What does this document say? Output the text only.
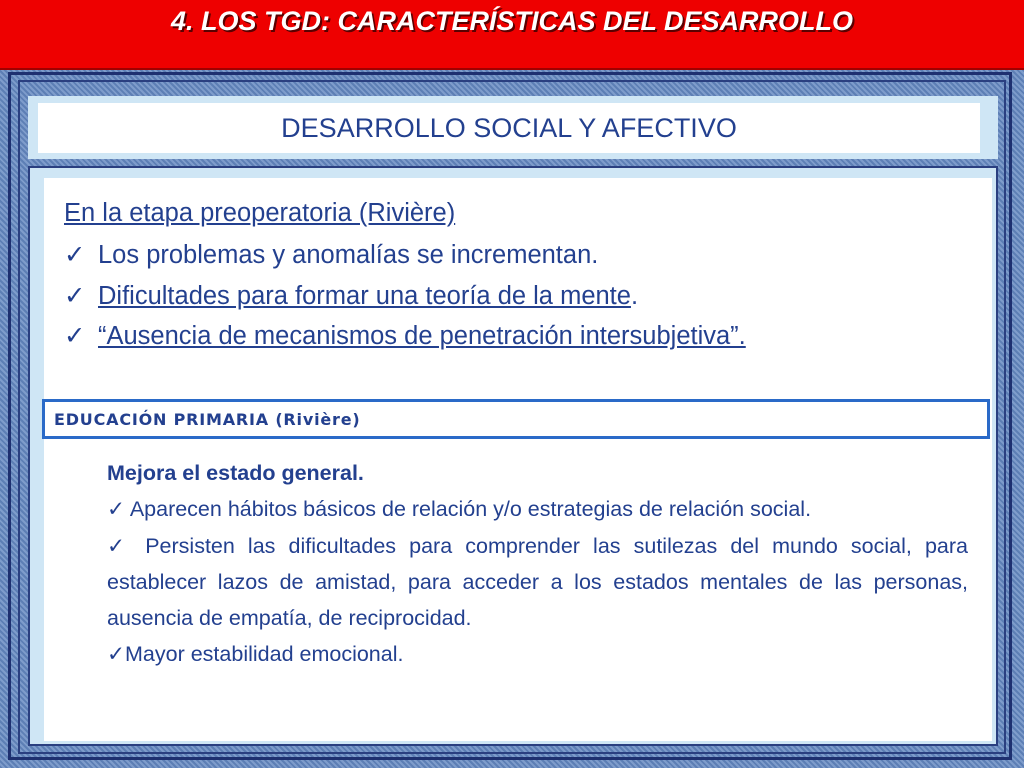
4. LOS TGD: CARACTERÍSTICAS DEL DESARROLLO
DESARROLLO SOCIAL Y AFECTIVO
En la etapa preoperatoria (Rivière)
✓ Los problemas y anomalías se incrementan.
✓ Dificultades para formar una teoría de la mente.
✓ “Ausencia de mecanismos de penetración intersubjetiva”.
EDUCACIÓN PRIMARIA (Rivière)

Mejora el estado general.

✓ Aparecen hábitos básicos de relación y/o estrategias de relación social.

✓ Persisten las dificultades para comprender las sutilezas del mundo social, para establecer lazos de amistad, para acceder a los estados mentales de las personas, ausencia de empatía, de reciprocidad.

✓Mayor estabilidad emocional.
